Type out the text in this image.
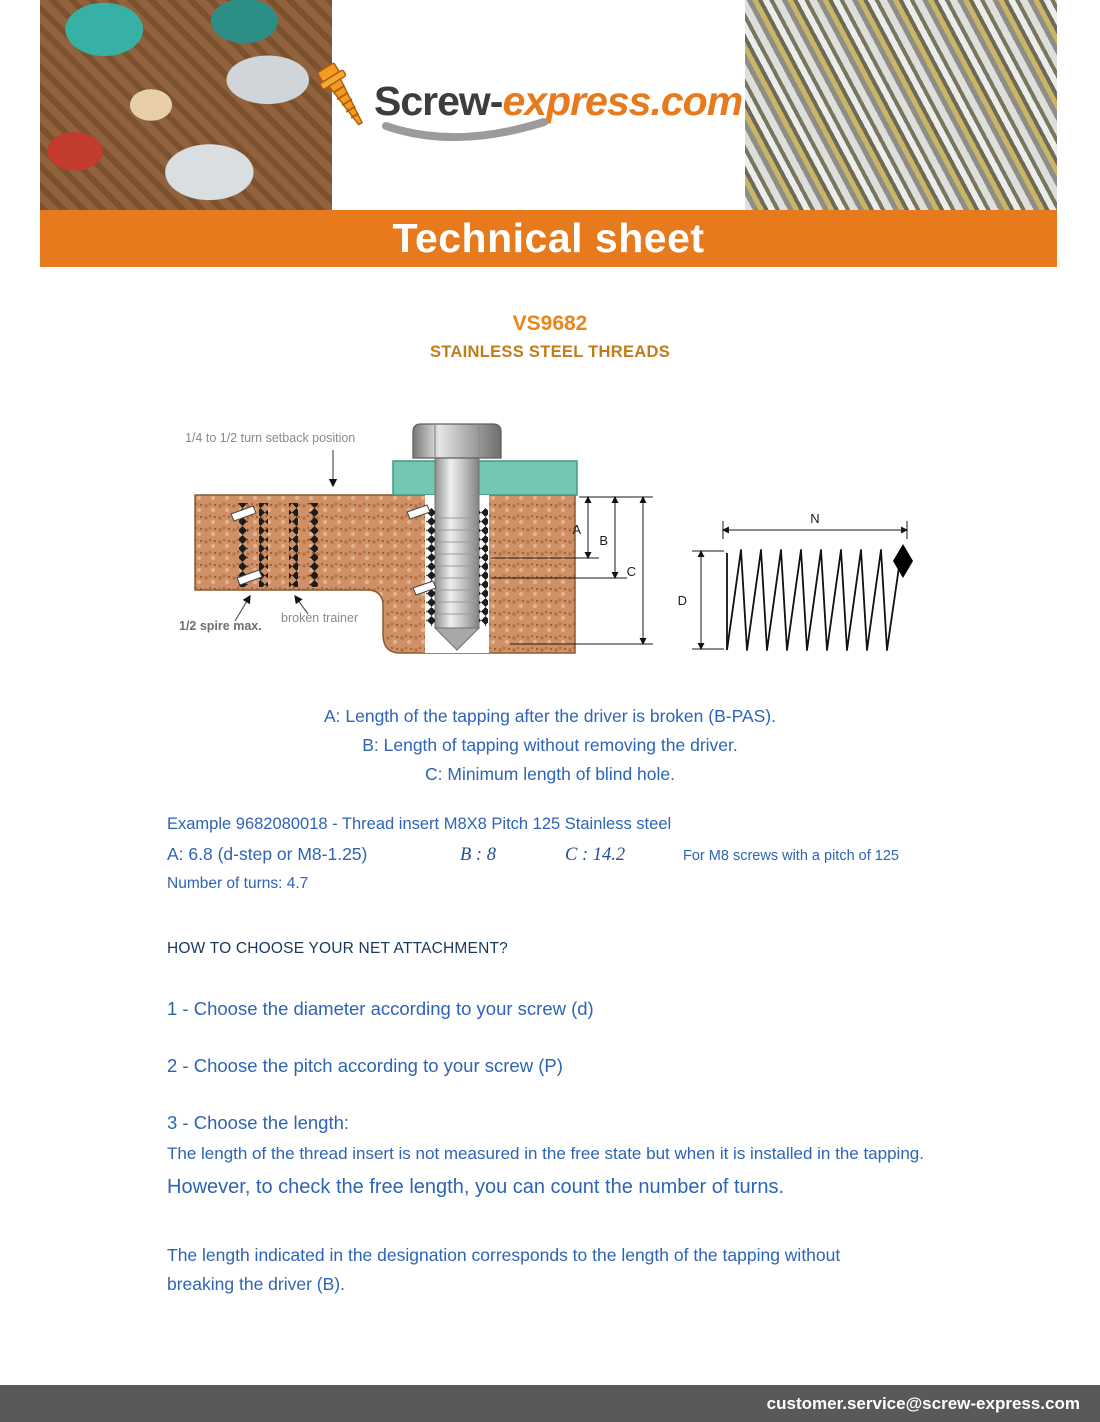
Screw-express.com
Technical sheet
VS9682
STAINLESS STEEL THREADS
A
B
C
N
D
1/4 to 1/2 turn setback position
1/2 spire max.
broken trainer
A: Length of the tapping after the driver is broken (B-PAS).
B: Length of tapping without removing the driver.
C: Minimum length of blind hole.
Example 9682080018 - Thread insert M8X8 Pitch 125 Stainless steel
A: 6.8 (d-step or M8-1.25)	B : 8	C : 14.2	For M8 screws with a pitch of 125
Number of turns: 4.7
HOW TO CHOOSE YOUR NET ATTACHMENT?
1 - Choose the diameter according to your screw (d)
2 - Choose the pitch according to your screw (P)
3 - Choose the length:
The length of the thread insert is not measured in the free state but when it is installed in the tapping.
However, to check the free length, you can count the number of turns.
The length indicated in the designation corresponds to the length of the tapping without breaking the driver (B).
customer.service@screw-express.com
